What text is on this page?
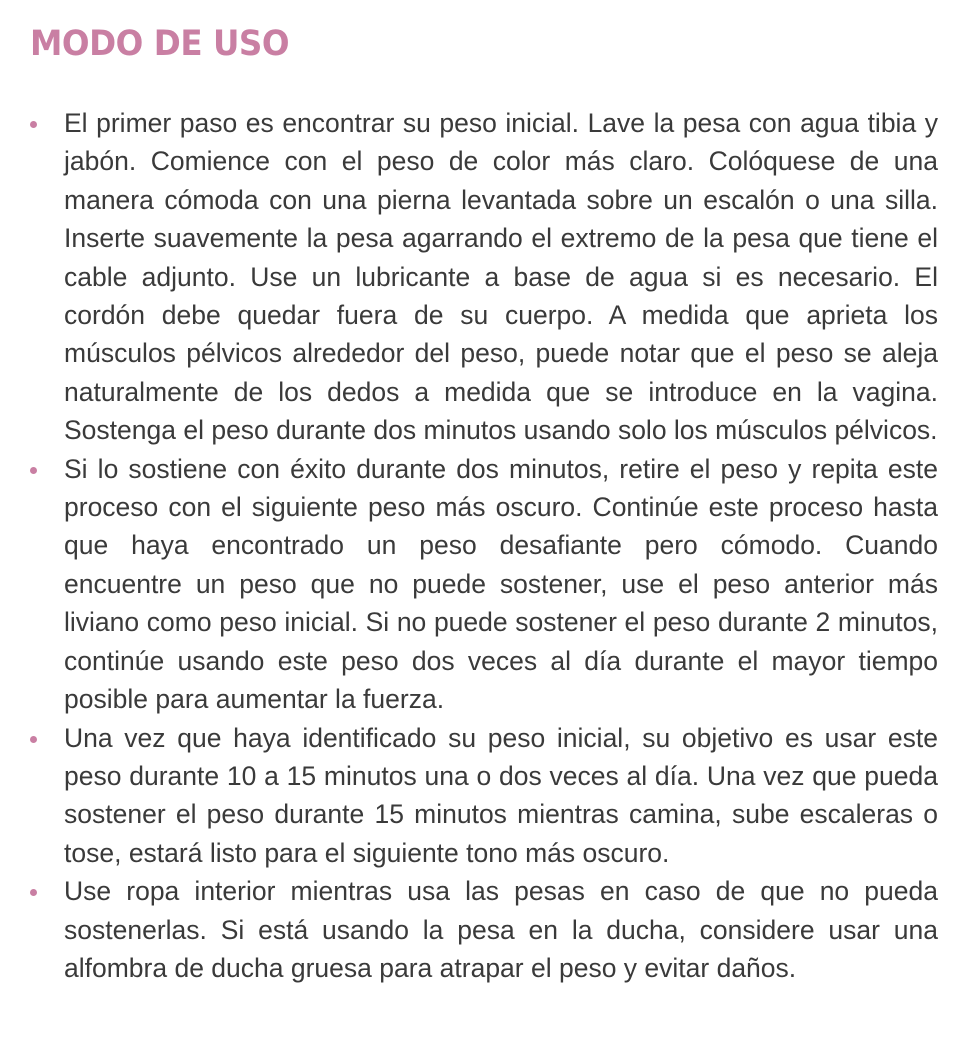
MODO DE USO
El primer paso es encontrar su peso inicial. Lave la pesa con agua tibia y jabón. Comience con el peso de color más claro. Colóquese de una manera cómoda con una pierna levantada sobre un escalón o una silla. Inserte suavemente la pesa agarrando el extremo de la pesa que tiene el cable adjunto. Use un lubricante a base de agua si es necesario. El cordón debe quedar fuera de su cuerpo. A medida que aprieta los músculos pélvicos alrededor del peso, puede notar que el peso se aleja naturalmente de los dedos a medida que se introduce en la vagina. Sostenga el peso durante dos minutos usando solo los músculos pélvicos.
Si lo sostiene con éxito durante dos minutos, retire el peso y repita este proceso con el siguiente peso más oscuro. Continúe este proceso hasta que haya encontrado un peso desafiante pero cómodo. Cuando encuentre un peso que no puede sostener, use el peso anterior más liviano como peso inicial. Si no puede sostener el peso durante 2 minutos, continúe usando este peso dos veces al día durante el mayor tiempo posible para aumentar la fuerza.
Una vez que haya identificado su peso inicial, su objetivo es usar este peso durante 10 a 15 minutos una o dos veces al día. Una vez que pueda sostener el peso durante 15 minutos mientras camina, sube escaleras o tose, estará listo para el siguiente tono más oscuro.
Use ropa interior mientras usa las pesas en caso de que no pueda sostenerlas. Si está usando la pesa en la ducha, considere usar una alfombra de ducha gruesa para atrapar el peso y evitar daños.
